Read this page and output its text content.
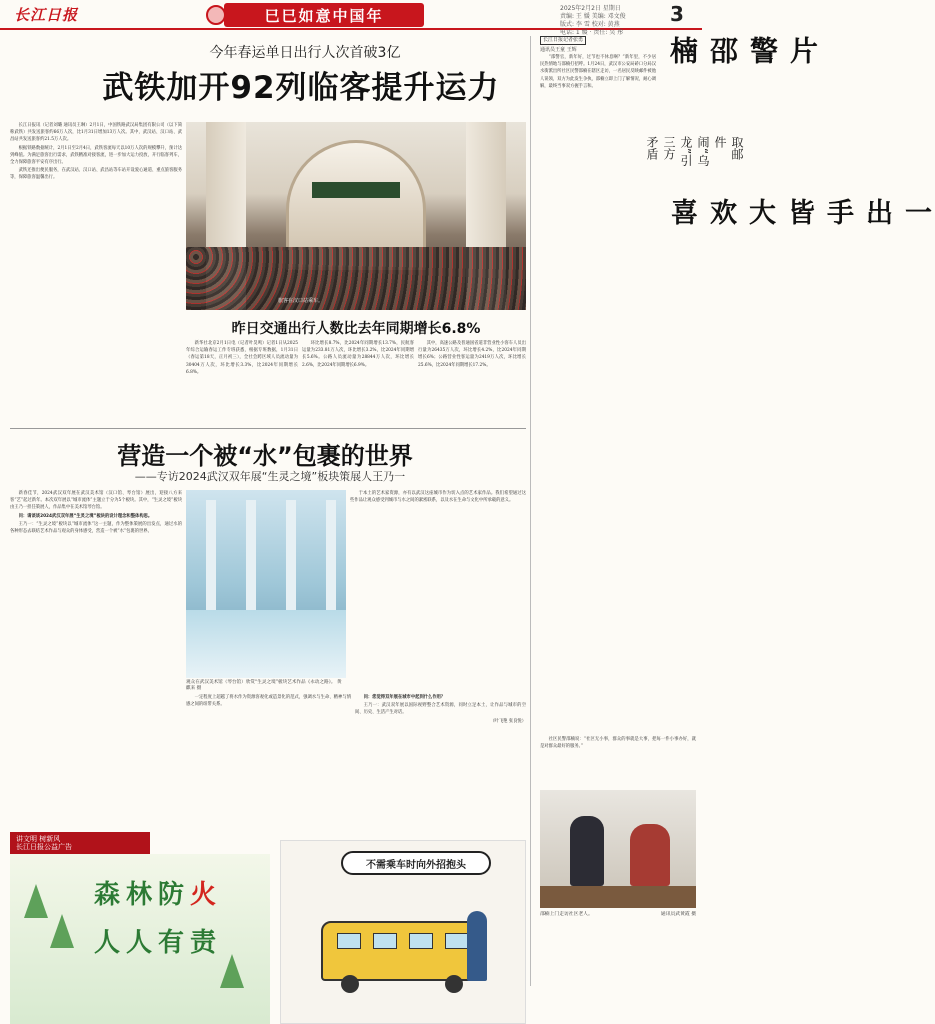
长江日报	巳巳如意中国年	2025年2月2日 星期日
责编: 王 媛 美编: 邓文俊
版式: 李 雪 校对: 黄燕
电话: 1 媛 · 责任: 吴 彤
3
今年春运单日出行人次首破3亿
武铁加开92列临客提升运力

长江日报讯（记者刘璐 通讯员王琳）2月1日，中国铁路武汉局集团有限公司（以下简称武铁）共发送旅客约66万人次，比1月31日增加13万人次。其中，武汉站、汉口站、武昌站共发送旅客约21.5万人次。

根据铁路数据统计，2月1日至2月4日，武铁客流每天以10万人次的规模攀升，预计达到峰值。为满足旅客出行需求，武铁精准对接客流，进一步加大运力投放，开行临客列车，全力保障旅客平安有序出行。

武铁还推出便民服务，在武汉站、汉口站、武昌站等车站开设爱心通道、重点旅客服务等，保障旅客温馨出行。

旅客在汉口站乘车。
昨日交通出行人数比去年同期增长6.8%

新华社北京2月1日电（记者叶昊鸣）记者1日从2025年综合运输春运工作专班获悉，根据专班数据，1月31日（春运第18天，正月初三），全社会跨区域人员流动量为30404万人次，环比增长3.3%，比2024年同期增长6.8%。

环比增长8.7%，比2024年同期增长13.7%，民航客运量为233.81万人次，环比增长3.2%，比2024年同期增长5.6%。公路人员流动量为28844万人次，环比增长2.6%，比2024年同期增长6.9%。

其中，高速公路及普通国省道非营业性小客车人员出行量为26435万人次，环比增长4.2%，比2024年同期增长6%；公路营业性客运量为2419万人次，环比增长25.6%，比2024年同期增长17.2%。

营造一个被“水”包裹的世界
——专访2024武汉双年展“生灵之境”板块策展人王乃一

新春佳节，2024武汉双年展在武汉美术馆（汉口馆、琴台馆）展出，迎接八方来客“艺”起过新年。本次双年展以“城市流体”主题立于分为5个板块。其中，“生灵之境”板块由王乃一担任策展人，作品集中在美术馆琴台馆。

问：请谈谈2024武汉双年展“生灵之境”板块的设计理念和整体构思。

王乃一：“生灵之境”板块以“城市流体”这一主题，作为整体策展的出发点，通过水的各种形态去联结艺术作品与观众的身体感受，营造一个被“水”包裹的世界。

观众在武汉美术馆（琴台馆）欣赏“生灵之境”板块艺术作品《永动之路》。 黄麒来 摄

于本土的艺术家资源，亦有以武汉这座城市作为切入点的艺术家作品。我们希望通过这些作品让观众感受到城市与水之间的紧密联系，以及水在生命与文化中所承载的意义。

一定程度上超越了将水作为资源客观化或造景化的范式，强调水与生命、精神与情感之间的纽带关系。

问：您觉得双年展在城市中起到什么作用？

王乃一：武汉双年展以国际视野整合艺术资源，同时立足本土，让作品与城市的空间、历史、生活产生对话。

（叶飞艳 张良悦）

讲文明 树新风
长江日报公益广告
森林防火
人人有责
不需乘车时向外招抱头
长江日报记者张勇
通讯员王童 王辉

“邵警官，新年好，过节也不休息啊？”新年里，不少居民热情地与邵楠打招呼。1月24日，武汉市公安局硚口分局汉水街派出所社区民警邵楠在辖区走访，一名居民反映邮件被他人误领，双方为此发生争执，邵楠立即上门了解情况，耐心调解，最终当事双方握手言和。

片警邵楠
取邮件闹“乌龙”引三方矛盾
一出手皆大欢喜

社区民警邵楠说：“社区无小事，群众的事就是大事，把每一件小事办好，就是对群众最好的服务。”

邵楠上门走访社区老人。	通讯员武黄霞 摄
